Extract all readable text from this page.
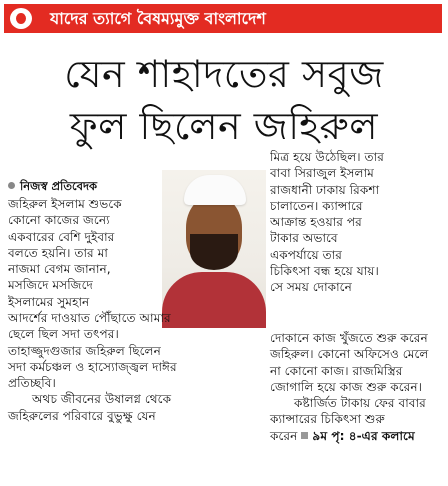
যাদের ত্যাগে বৈষম্যমুক্ত বাংলাদেশ
যেন শাহাদতের সবুজ
ফুল ছিলেন জহিরুল
নিজস্ব প্রতিবেদক
জহিরুল ইসলাম শুভকে
কোনো কাজের জন্যে
একবারের বেশি দুইবার
বলতে হয়নি। তার মা
নাজমা বেগম জানান,
মসজিদে মসজিদে
ইসলামের সুমহান
আদর্শের দাওয়াত পৌঁছাতে আমার
ছেলে ছিল সদা তৎপর।
তাহাজ্জুদগুজার জহিরুল ছিলেন
সদা কর্মচঞ্চল ও হাস্যোজ্জ্বল দাঈর
প্রতিচ্ছবি।
অথচ জীবনের উষালগ্ন থেকে
জহিরুলের পরিবারে বুভুক্ষু যেন
মিত্র হয়ে উঠেছিল। তার
বাবা সিরাজুল ইসলাম
রাজধানী ঢাকায় রিকশা
চালাতেন। ক্যান্সারে
আক্রান্ত হওয়ার পর
টাকার অভাবে
একপর্যায়ে তার
চিকিৎসা বন্ধ হয়ে যায়।
সে সময় দোকানে
দোকানে কাজ খুঁজতে শুরু করেন
জহিরুল। কোনো অফিসেও মেলে
না কোনো কাজ। রাজমিস্ত্রির
জোগালি হয়ে কাজ শুরু করেন।
কষ্টার্জিত টাকায় ফের বাবার
ক্যান্সারের চিকিৎসা শুরু
করেন ৯ম পৃ: ৪-এর কলামে
